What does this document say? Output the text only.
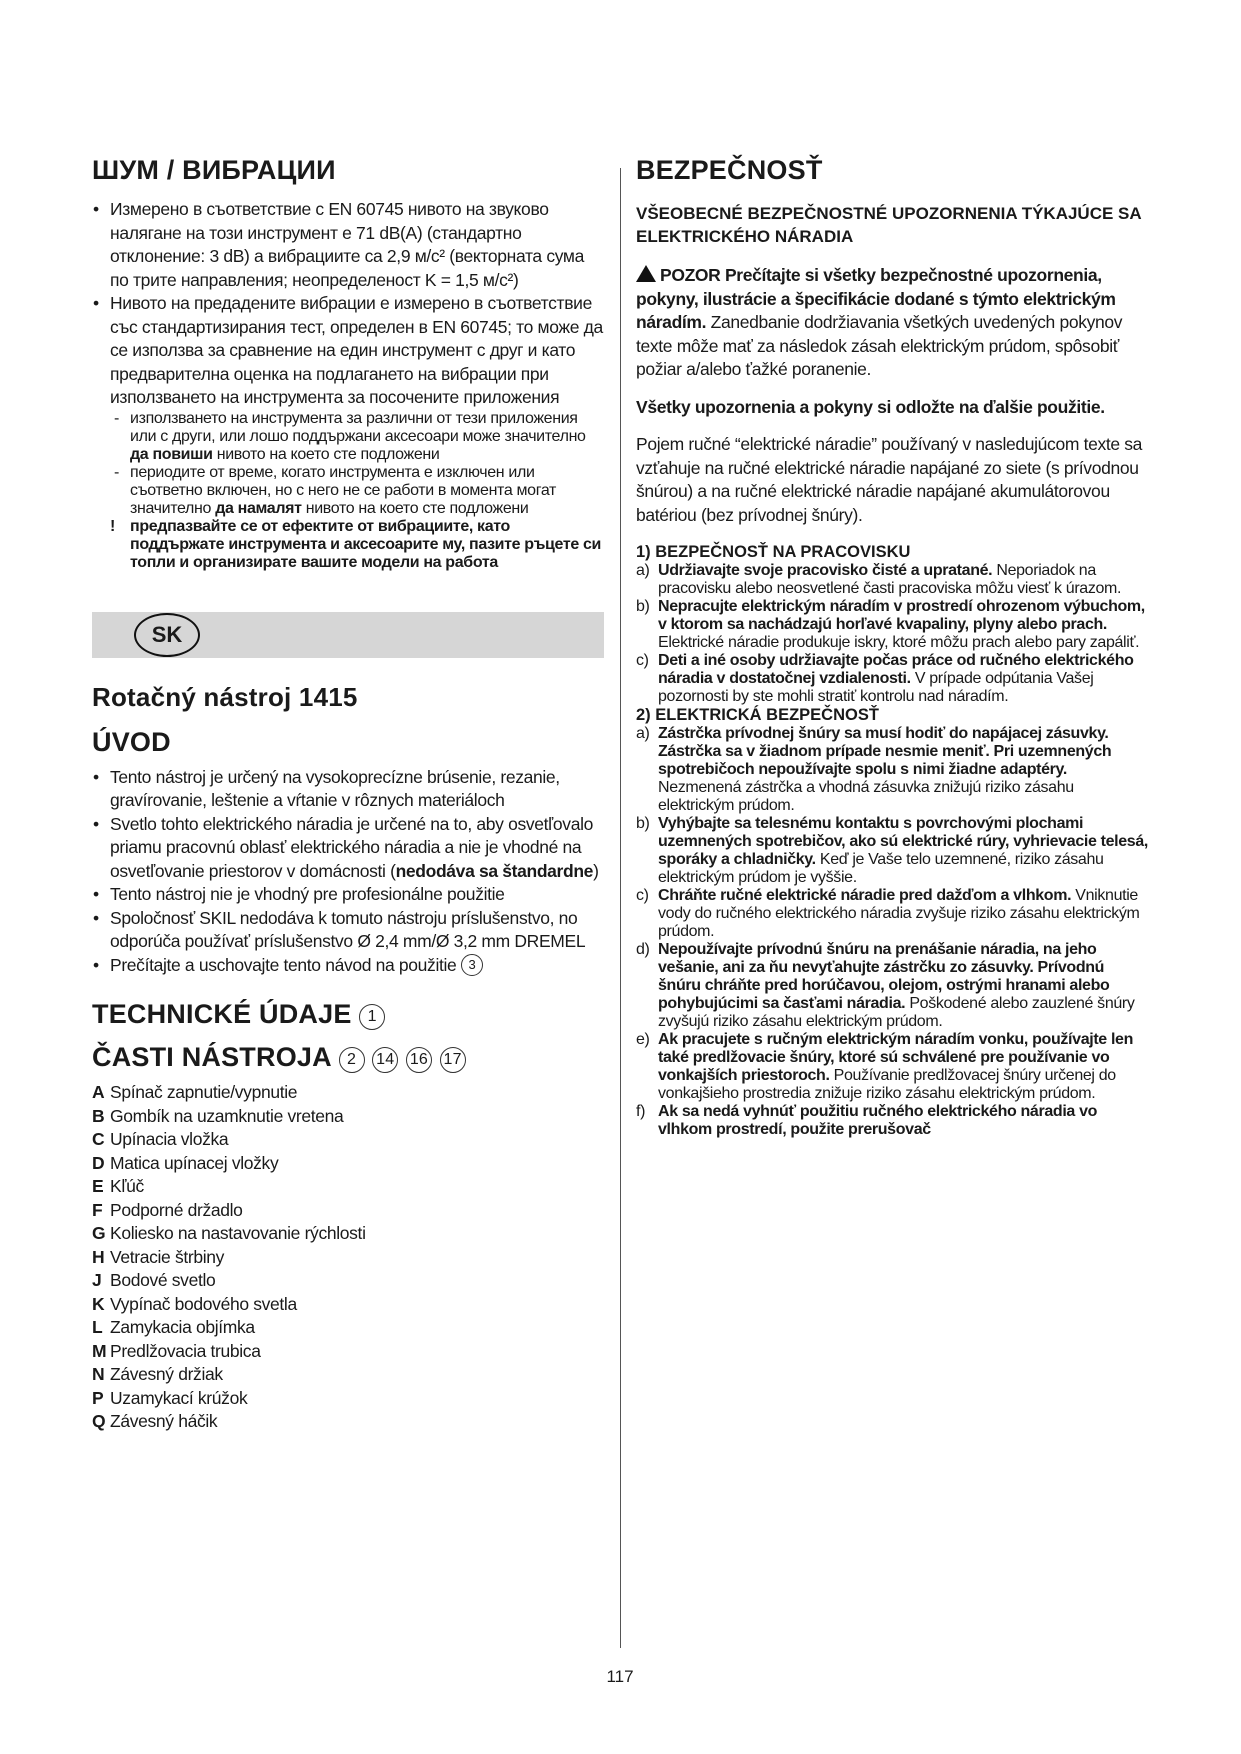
ШУМ / ВИБРАЦИИ
• Измерено в съответствие с EN 60745 нивото на звуково налягане на този инструмент е 71 dB(A) (стандартно отклонение: 3 dB) а вибрациите са 2,9 м/с² (векторната сума по трите направления; неопределеност K = 1,5 м/с²)
• Нивото на предадените вибрации е измерено в съответствие със стандартизирания тест, определен в EN 60745; то може да се използва за сравнение на един инструмент с друг и като предварителна оценка на подлагането на вибрации при използването на инструмента за посочените приложения
- използването на инструмента за различни от тези приложения или с други, или лошо поддържани аксесоари може значително да повиши нивото на което сте подложени
- периодите от време, когато инструмента е изключен или съответно включен, но с него не се работи в момента могат значително да намалят нивото на което сте подложени
! предпазвайте се от ефектите от вибрациите, като поддържате инструмента и аксесоарите му, пазите ръцете си топли и организирате вашите модели на работа
SK
Rotačný nástroj 1415
ÚVOD
• Tento nástroj je určený na vysokoprecízne brúsenie, rezanie, gravírovanie, leštenie a vŕtanie v rôznych materiáloch
• Svetlo tohto elektrického náradia je určené na to, aby osvetľovalo priamu pracovnú oblasť elektrického náradia a nie je vhodné na osvetľovanie priestorov v domácnosti (nedodáva sa štandardne)
• Tento nástroj nie je vhodný pre profesionálne použitie
• Spoločnosť SKIL nedodáva k tomuto nástroju príslušenstvo, no odporúča používať príslušenstvo Ø 2,4 mm/Ø 3,2 mm DREMEL
• Prečítajte a uschovajte tento návod na použitie 3
TECHNICKÉ ÚDAJE 1
ČASTI NÁSTROJA 2 14 16 17
A Spínač zapnutie/vypnutie
B Gombík na uzamknutie vretena
C Upínacia vložka
D Matica upínacej vložky
E Kľúč
F Podporné držadlo
G Koliesko na nastavovanie rýchlosti
H Vetracie štrbiny
J Bodové svetlo
K Vypínač bodového svetla
L Zamykacia objímka
M Predlžovacia trubica
N Závesný držiak
P Uzamykací krúžok
Q Závesný háčik
BEZPEČNOSŤ
VŠEOBECNÉ BEZPEČNOSTNÉ UPOZORNENIA TÝKAJÚCE SA ELEKTRICKÉHO NÁRADIA

POZOR Prečítajte si všetky bezpečnostné upozornenia, pokyny, ilustrácie a špecifikácie dodané s týmto elektrickým náradím. Zanedbanie dodržiavania všetkých uvedených pokynov texte môže mať za následok zásah elektrickým prúdom, spôsobiť požiar a/alebo ťažké poranenie.

Všetky upozornenia a pokyny si odložte na ďalšie použitie.

Pojem ručné “elektrické náradie” používaný v nasledujúcom texte sa vzťahuje na ručné elektrické náradie napájané zo siete (s prívodnou šnúrou) a na ručné elektrické náradie napájané akumulátorovou batériou (bez prívodnej šnúry).

1) BEZPEČNOSŤ NA PRACOVISKU
a) Udržiavajte svoje pracovisko čisté a upratané. Neporiadok na pracovisku alebo neosvetlené časti pracoviska môžu viesť k úrazom.
b) Nepracujte elektrickým náradím v prostredí ohrozenom výbuchom, v ktorom sa nachádzajú horľavé kvapaliny, plyny alebo prach. Elektrické náradie produkuje iskry, ktoré môžu prach alebo pary zapáliť.
c) Deti a iné osoby udržiavajte počas práce od ručného elektrického náradia v dostatočnej vzdialenosti. V prípade odpútania Vašej pozornosti by ste mohli stratiť kontrolu nad náradím.
2) ELEKTRICKÁ BEZPEČNOSŤ
a) Zástrčka prívodnej šnúry sa musí hodiť do napájacej zásuvky. Zástrčka sa v žiadnom prípade nesmie meniť. Pri uzemnených spotrebičoch nepoužívajte spolu s nimi žiadne adaptéry. Nezmenená zástrčka a vhodná zásuvka znižujú riziko zásahu elektrickým prúdom.
b) Vyhýbajte sa telesnému kontaktu s povrchovými plochami uzemnených spotrebičov, ako sú elektrické rúry, vyhrievacie telesá, sporáky a chladničky. Keď je Vaše telo uzemnené, riziko zásahu elektrickým prúdom je vyššie.
c) Chráňte ručné elektrické náradie pred dažďom a vlhkom. Vniknutie vody do ručného elektrického náradia zvyšuje riziko zásahu elektrickým prúdom.
d) Nepoužívajte prívodnú šnúru na prenášanie náradia, na jeho vešanie, ani za ňu nevyťahujte zástrčku zo zásuvky. Prívodnú šnúru chráňte pred horúčavou, olejom, ostrými hranami alebo pohybujúcimi sa časťami náradia. Poškodené alebo zauzlené šnúry zvyšujú riziko zásahu elektrickým prúdom.
e) Ak pracujete s ručným elektrickým náradím vonku, používajte len také predlžovacie šnúry, ktoré sú schválené pre používanie vo vonkajších priestoroch. Používanie predlžovacej šnúry určenej do vonkajšieho prostredia znižuje riziko zásahu elektrickým prúdom.
f) Ak sa nedá vyhnúť použitiu ručného elektrického náradia vo vlhkom prostredí, použite prerušovač
117
